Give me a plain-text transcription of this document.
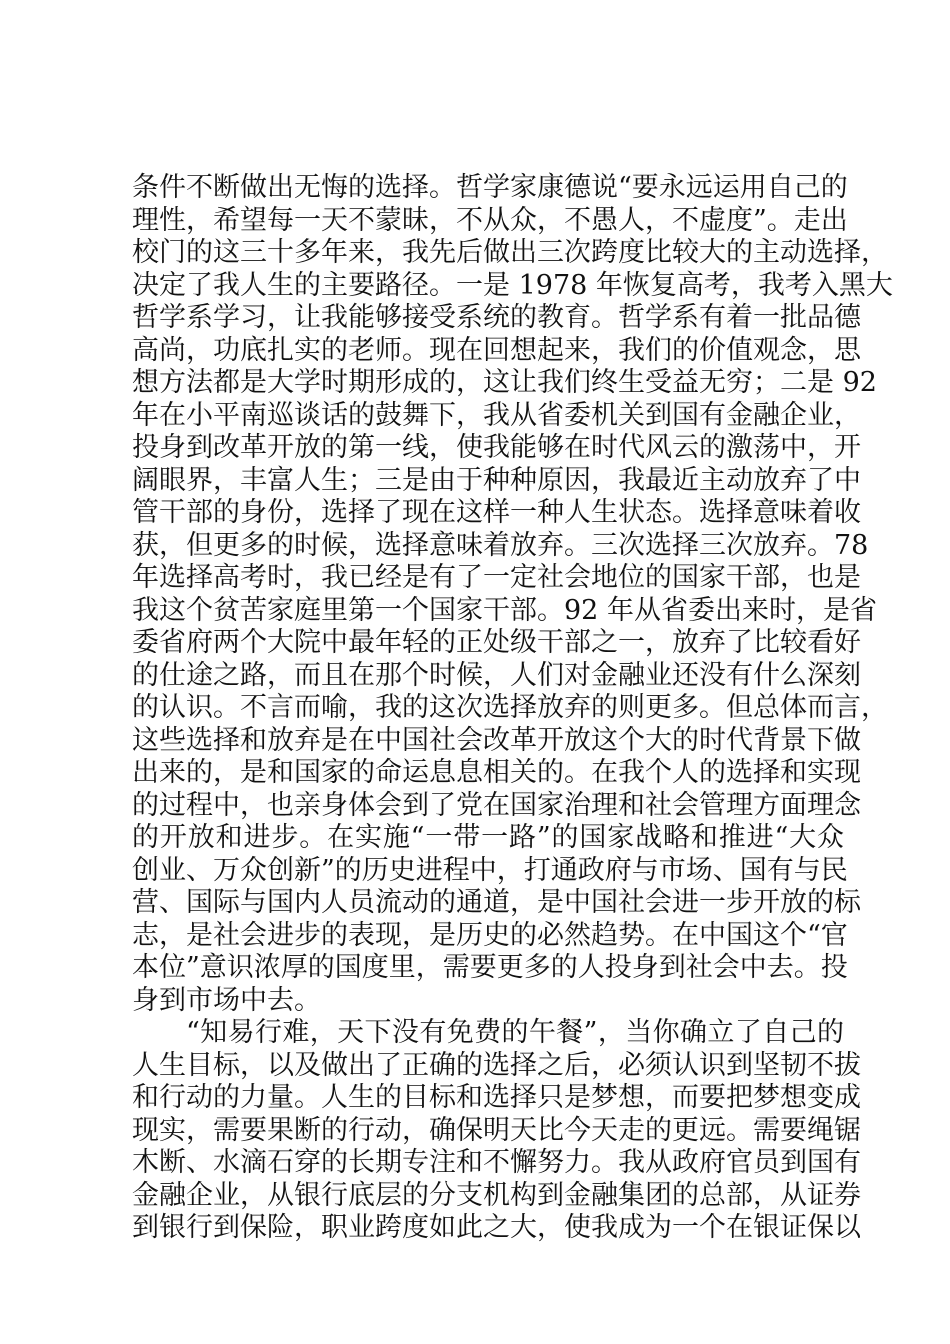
条件不断做出无悔的选择。哲学家康德说“要永远运用自己的
理性，希望每一天不蒙昧，不从众，不愚人，不虚度”。走出
校门的这三十多年来，我先后做出三次跨度比较大的主动选择，
决定了我人生的主要路径。一是 1978 年恢复高考，我考入黑大
哲学系学习，让我能够接受系统的教育。哲学系有着一批品德
高尚，功底扎实的老师。现在回想起来，我们的价值观念，思
想方法都是大学时期形成的，这让我们终生受益无穷；二是 92
年在小平南巡谈话的鼓舞下，我从省委机关到国有金融企业，
投身到改革开放的第一线，使我能够在时代风云的激荡中，开
阔眼界，丰富人生；三是由于种种原因，我最近主动放弃了中
管干部的身份，选择了现在这样一种人生状态。选择意味着收
获，但更多的时候，选择意味着放弃。三次选择三次放弃。78
年选择高考时，我已经是有了一定社会地位的国家干部，也是
我这个贫苦家庭里第一个国家干部。92 年从省委出来时，是省
委省府两个大院中最年轻的正处级干部之一，放弃了比较看好
的仕途之路，而且在那个时候，人们对金融业还没有什么深刻
的认识。不言而喻，我的这次选择放弃的则更多。但总体而言，
这些选择和放弃是在中国社会改革开放这个大的时代背景下做
出来的，是和国家的命运息息相关的。在我个人的选择和实现
的过程中，也亲身体会到了党在国家治理和社会管理方面理念
的开放和进步。在实施“一带一路”的国家战略和推进“大众
创业、万众创新”的历史进程中，打通政府与市场、国有与民
营、国际与国内人员流动的通道，是中国社会进一步开放的标
志，是社会进步的表现，是历史的必然趋势。在中国这个“官
本位”意识浓厚的国度里，需要更多的人投身到社会中去。投
身到市场中去。
“知易行难，天下没有免费的午餐”，当你确立了自己的
人生目标，以及做出了正确的选择之后，必须认识到坚韧不拔
和行动的力量。人生的目标和选择只是梦想，而要把梦想变成
现实，需要果断的行动，确保明天比今天走的更远。需要绳锯
木断、水滴石穿的长期专注和不懈努力。我从政府官员到国有
金融企业，从银行底层的分支机构到金融集团的总部，从证券
到银行到保险，职业跨度如此之大，使我成为一个在银证保以
